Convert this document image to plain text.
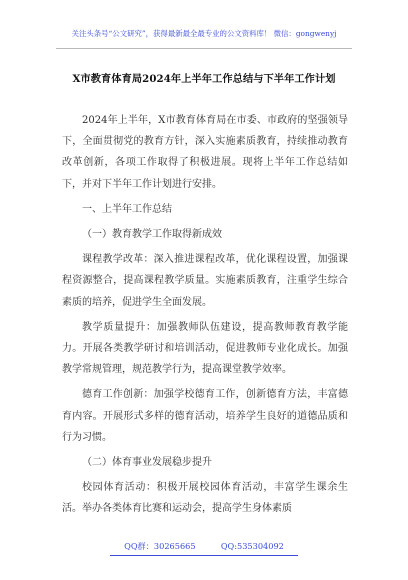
关注头条号“公文研究”，获得最新最全最专业的公文资料库！ 微信：gongwenyj
X市教育体育局2024年上半年工作总结与下半年工作计划

2024年上半年，X市教育体育局在市委、市政府的坚强领导下，全面贯彻党的教育方针，深入实施素质教育，持续推动教育改革创新，各项工作取得了积极进展。现将上半年工作总结如下，并对下半年工作计划进行安排。

一、上半年工作总结
（一）教育教学工作取得新成效

课程教学改革：深入推进课程改革，优化课程设置，加强课程资源整合，提高课程教学质量。实施素质教育，注重学生综合素质的培养，促进学生全面发展。

教学质量提升：加强教师队伍建设，提高教师教育教学能力。开展各类教学研讨和培训活动，促进教师专业化成长。加强教学常规管理，规范教学行为，提高课堂教学效率。

德育工作创新：加强学校德育工作，创新德育方法，丰富德育内容。开展形式多样的德育活动，培养学生良好的道德品质和行为习惯。

（二）体育事业发展稳步提升

校园体育活动：积极开展校园体育活动，丰富学生课余生活。举办各类体育比赛和运动会，提高学生身体素质

QQ群：30265665	QQ:535304092
